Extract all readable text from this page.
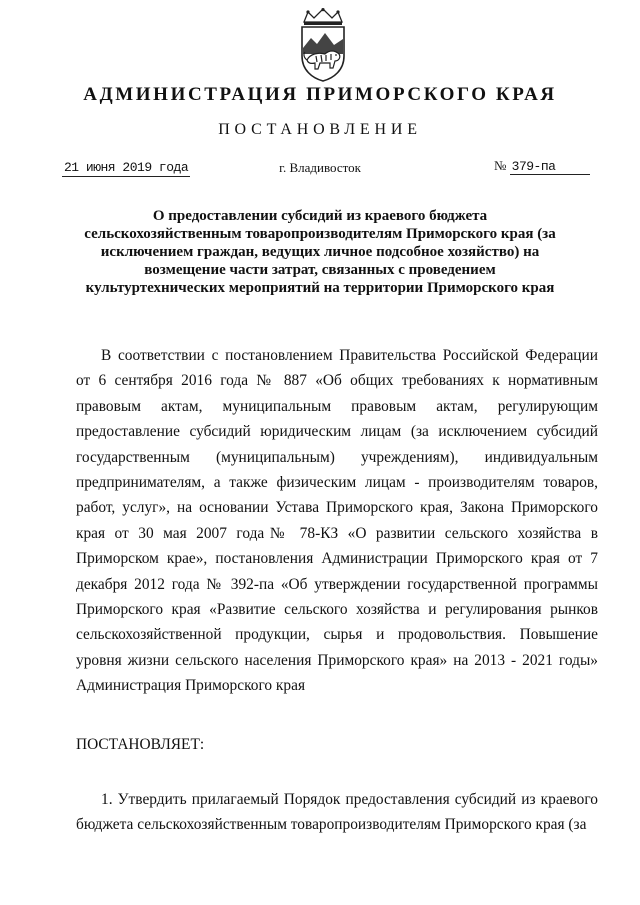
АДМИНИСТРАЦИЯ ПРИМОРСКОГО КРАЯ
ПОСТАНОВЛЕНИЕ
21 июня 2019 года	г. Владивосток	№ 379-па
О предоставлении субсидий из краевого бюджета сельскохозяйственным товаропроизводителям Приморского края (за исключением граждан, ведущих личное подсобное хозяйство) на возмещение части затрат, связанных с проведением культуртехнических мероприятий на территории Приморского края

В соответствии с постановлением Правительства Российской Федерации от 6 сентября 2016 года № 887 «Об общих требованиях к нормативным правовым актам, муниципальным правовым актам, регулирующим предоставление субсидий юридическим лицам (за исключением субсидий государственным (муниципальным) учреждениям), индивидуальным предпринимателям, а также физическим лицам - производителям товаров, работ, услуг», на основании Устава Приморского края, Закона Приморского края от 30 мая 2007 года№ 78-КЗ «О развитии сельского хозяйства в Приморском крае», постановления Администрации Приморского края от 7 декабря 2012 года № 392-па «Об утверждении государственной программы Приморского края «Развитие сельского хозяйства и регулирования рынков сельскохозяйственной продукции, сырья и продовольствия. Повышение уровня жизни сельского населения Приморского края» на 2013 - 2021 годы» Администрация Приморского края

ПОСТАНОВЛЯЕТ:

1. Утвердить прилагаемый Порядок предоставления субсидий из краевого бюджета сельскохозяйственным товаропроизводителям Приморского края (за
